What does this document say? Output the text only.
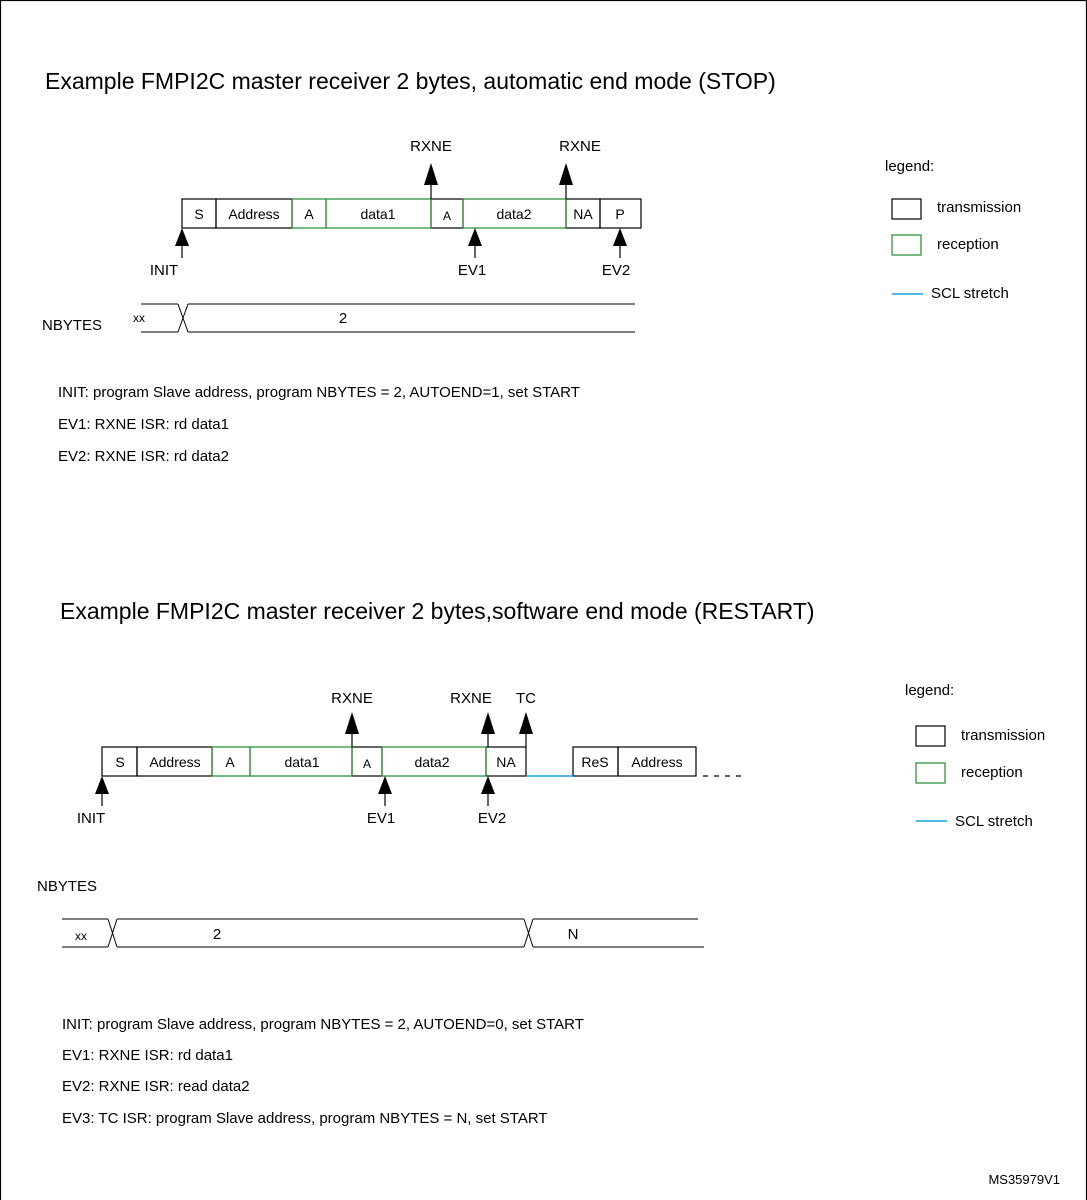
Example FMPI2C master receiver 2 bytes, automatic end mode (STOP)
S Address A	data1	A	data2	NA P
RXNE	RXNE
INIT	EV1	EV2
NBYTES	xx	2
legend:
transmission
reception
SCL stretch
INIT: program Slave address, program NBYTES = 2, AUTOEND=1, set START
EV1: RXNE ISR: rd data1
EV2: RXNE ISR: rd data2
Example FMPI2C master receiver 2 bytes,software end mode (RESTART)
S Address A	data1	A	data2	NA	ReS Address
RXNE	RXNE TC
INIT	EV1	EV2
NBYTES
xx	2	N
legend:
transmission
reception
SCL stretch
INIT: program Slave address, program NBYTES = 2, AUTOEND=0, set START
EV1: RXNE ISR: rd data1
EV2: RXNE ISR: read data2
EV3: TC ISR: program Slave address, program NBYTES = N, set START
MS35979V1
